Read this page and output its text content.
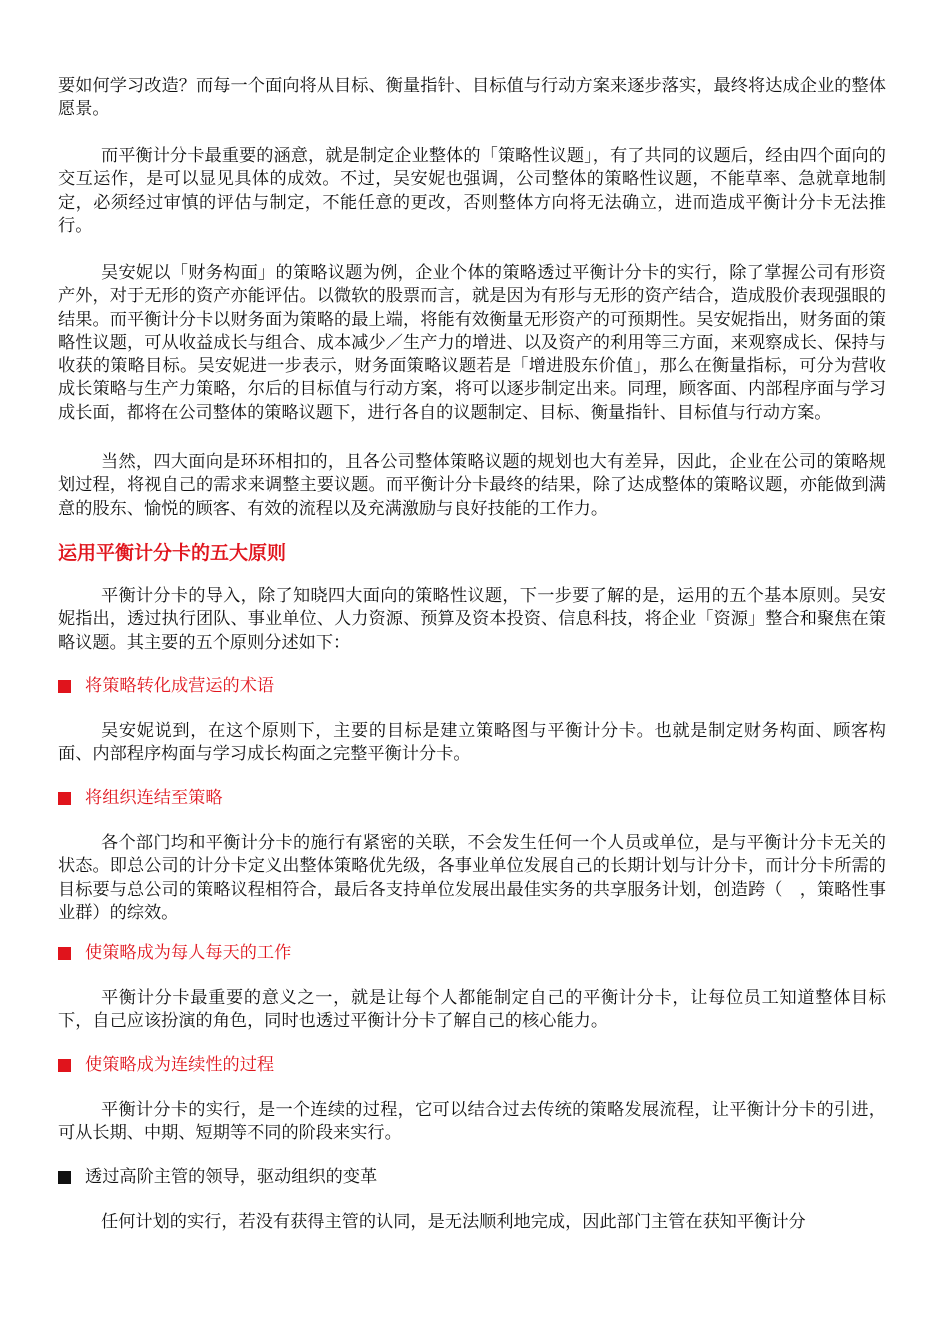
要如何学习改造？而每一个面向将从目标、衡量指针、目标值与行动方案来逐步落实，最终将达成企业的整体愿景。

而平衡计分卡最重要的涵意，就是制定企业整体的「策略性议题」，有了共同的议题后，经由四个面向的交互运作，是可以显见具体的成效。不过，吴安妮也强调，公司整体的策略性议题，不能草率、急就章地制定，必须经过审慎的评估与制定，不能任意的更改，否则整体方向将无法确立，进而造成平衡计分卡无法推行。

吴安妮以「财务构面」的策略议题为例，企业个体的策略透过平衡计分卡的实行，除了掌握公司有形资产外，对于无形的资产亦能评估。以微软的股票而言，就是因为有形与无形的资产结合，造成股价表现强眼的结果。而平衡计分卡以财务面为策略的最上端，将能有效衡量无形资产的可预期性。吴安妮指出，财务面的策略性议题，可从收益成长与组合、成本减少／生产力的增进、以及资产的利用等三方面，来观察成长、保持与收获的策略目标。吴安妮进一步表示，财务面策略议题若是「增进股东价值」，那么在衡量指标，可分为营收成长策略与生产力策略，尔后的目标值与行动方案，将可以逐步制定出来。同理，顾客面、内部程序面与学习成长面，都将在公司整体的策略议题下，进行各自的议题制定、目标、衡量指针、目标值与行动方案。

当然，四大面向是环环相扣的，且各公司整体策略议题的规划也大有差异，因此，企业在公司的策略规划过程，将视自己的需求来调整主要议题。而平衡计分卡最终的结果，除了达成整体的策略议题，亦能做到满意的股东、愉悦的顾客、有效的流程以及充满激励与良好技能的工作力。

运用平衡计分卡的五大原则

平衡计分卡的导入，除了知晓四大面向的策略性议题，下一步要了解的是，运用的五个基本原则。吴安妮指出，透过执行团队、事业单位、人力资源、预算及资本投资、信息科技，将企业「资源」整合和聚焦在策略议题。其主要的五个原则分述如下：

将策略转化成营运的术语

吴安妮说到，在这个原则下，主要的目标是建立策略图与平衡计分卡。也就是制定财务构面、顾客构面、内部程序构面与学习成长构面之完整平衡计分卡。

将组织连结至策略

各个部门均和平衡计分卡的施行有紧密的关联，不会发生任何一个人员或单位，是与平衡计分卡无关的状态。即总公司的计分卡定义出整体策略优先级，各事业单位发展自己的长期计划与计分卡，而计分卡所需的目标要与总公司的策略议程相符合，最后各支持单位发展出最佳实务的共享服务计划，创造跨（　，策略性事业群）的综效。

使策略成为每人每天的工作

平衡计分卡最重要的意义之一，就是让每个人都能制定自己的平衡计分卡，让每位员工知道整体目标下，自己应该扮演的角色，同时也透过平衡计分卡了解自己的核心能力。

使策略成为连续性的过程

平衡计分卡的实行，是一个连续的过程，它可以结合过去传统的策略发展流程，让平衡计分卡的引进，可从长期、中期、短期等不同的阶段来实行。

透过高阶主管的领导，驱动组织的变革

任何计划的实行，若没有获得主管的认同，是无法顺利地完成，因此部门主管在获知平衡计分
